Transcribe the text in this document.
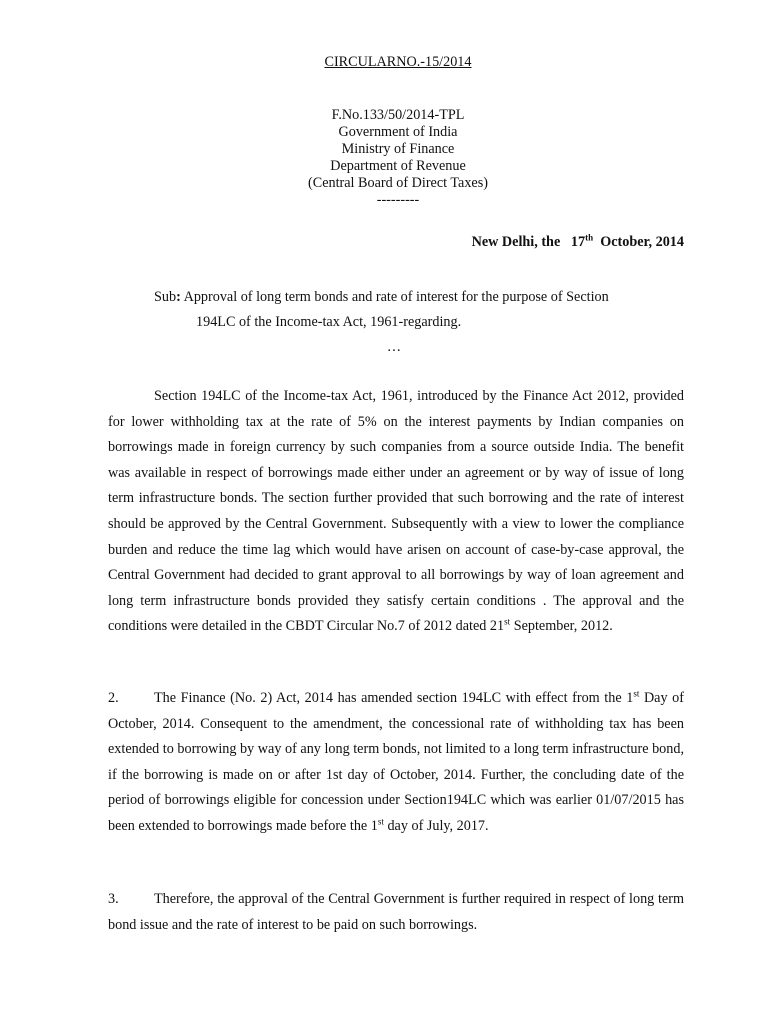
CIRCULARNO.-15/2014
F.No.133/50/2014-TPL
Government of India
Ministry of Finance
Department of Revenue
(Central Board of Direct Taxes)
---------
New Delhi, the 17th October, 2014
Sub: Approval of long term bonds and rate of interest for the purpose of Section
194LC of the Income-tax Act, 1961-regarding.
…
Section 194LC of the Income-tax Act, 1961, introduced by the Finance Act 2012, provided for lower withholding tax at the rate of 5% on the interest payments by Indian companies on borrowings made in foreign currency by such companies from a source outside India. The benefit was available in respect of borrowings made either under an agreement or by way of issue of long term infrastructure bonds. The section further provided that such borrowing and the rate of interest should be approved by the Central Government. Subsequently with a view to lower the compliance burden and reduce the time lag which would have arisen on account of case-by-case approval, the Central Government had decided to grant approval to all borrowings by way of loan agreement and long term infrastructure bonds provided they satisfy certain conditions . The approval and the conditions were detailed in the CBDT Circular No.7 of 2012 dated 21st September, 2012.
2. The Finance (No. 2) Act, 2014 has amended section 194LC with effect from the 1st Day of October, 2014. Consequent to the amendment, the concessional rate of withholding tax has been extended to borrowing by way of any long term bonds, not limited to a long term infrastructure bond, if the borrowing is made on or after 1st day of October, 2014. Further, the concluding date of the period of borrowings eligible for concession under Section194LC which was earlier 01/07/2015 has been extended to borrowings made before the 1st day of July, 2017.
3. Therefore, the approval of the Central Government is further required in respect of long term bond issue and the rate of interest to be paid on such borrowings.
